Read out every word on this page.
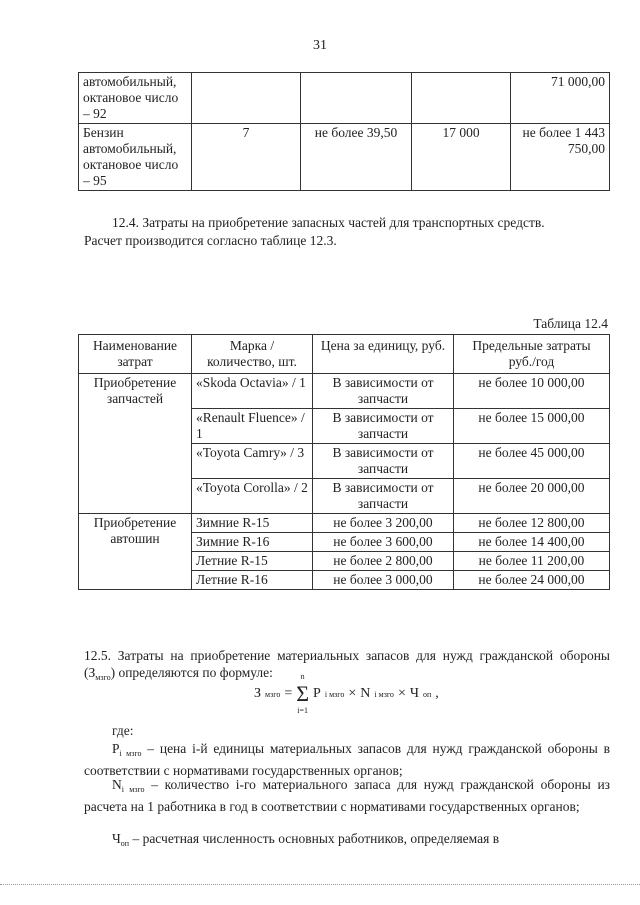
31
автомобильный, октановое число – 92				71 000,00
Бензин автомобильный, октановое число – 95	7	не более 39,50	17 000	не более 1 443 750,00
12.4. Затраты на приобретение запасных частей для транспортных средств.
Расчет производится согласно таблице 12.3.
Таблица 12.4
Наименование затрат	Марка / количество, шт.	Цена за единицу, руб.	Предельные затраты руб./год
Приобретение запчастей	«Skoda Octavia» / 1	В зависимости от запчасти	не более 10 000,00
	«Renault Fluence» / 1	В зависимости от запчасти	не более 15 000,00
	«Toyota Camry» / 3	В зависимости от запчасти	не более 45 000,00
	«Toyota Corolla» / 2	В зависимости от запчасти	не более 20 000,00
Приобретение автошин	Зимние R-15	не более 3 200,00	не более 12 800,00
	Зимние R-16	не более 3 600,00	не более 14 400,00
	Летние R-15	не более 2 800,00	не более 11 200,00
	Летние R-16	не более 3 000,00	не более 24 000,00
12.5. Затраты на приобретение материальных запасов для нужд гражданской обороны $(З_{мзго})$ определяются по формуле:
З мзго =
n
Σ
i=1
P i мзго × N i мзго × Ч оп ,
где:
$P_{i мзго}$ – цена i-й единицы материальных запасов для нужд гражданской обороны в соответствии с нормативами государственных органов;
$N_{i мзго}$ – количество i-го материального запаса для нужд гражданской обороны из расчета на 1 работника в год в соответствии с нормативами государственных органов;
$Ч_{оп}$ – расчетная численность основных работников, определяемая в
